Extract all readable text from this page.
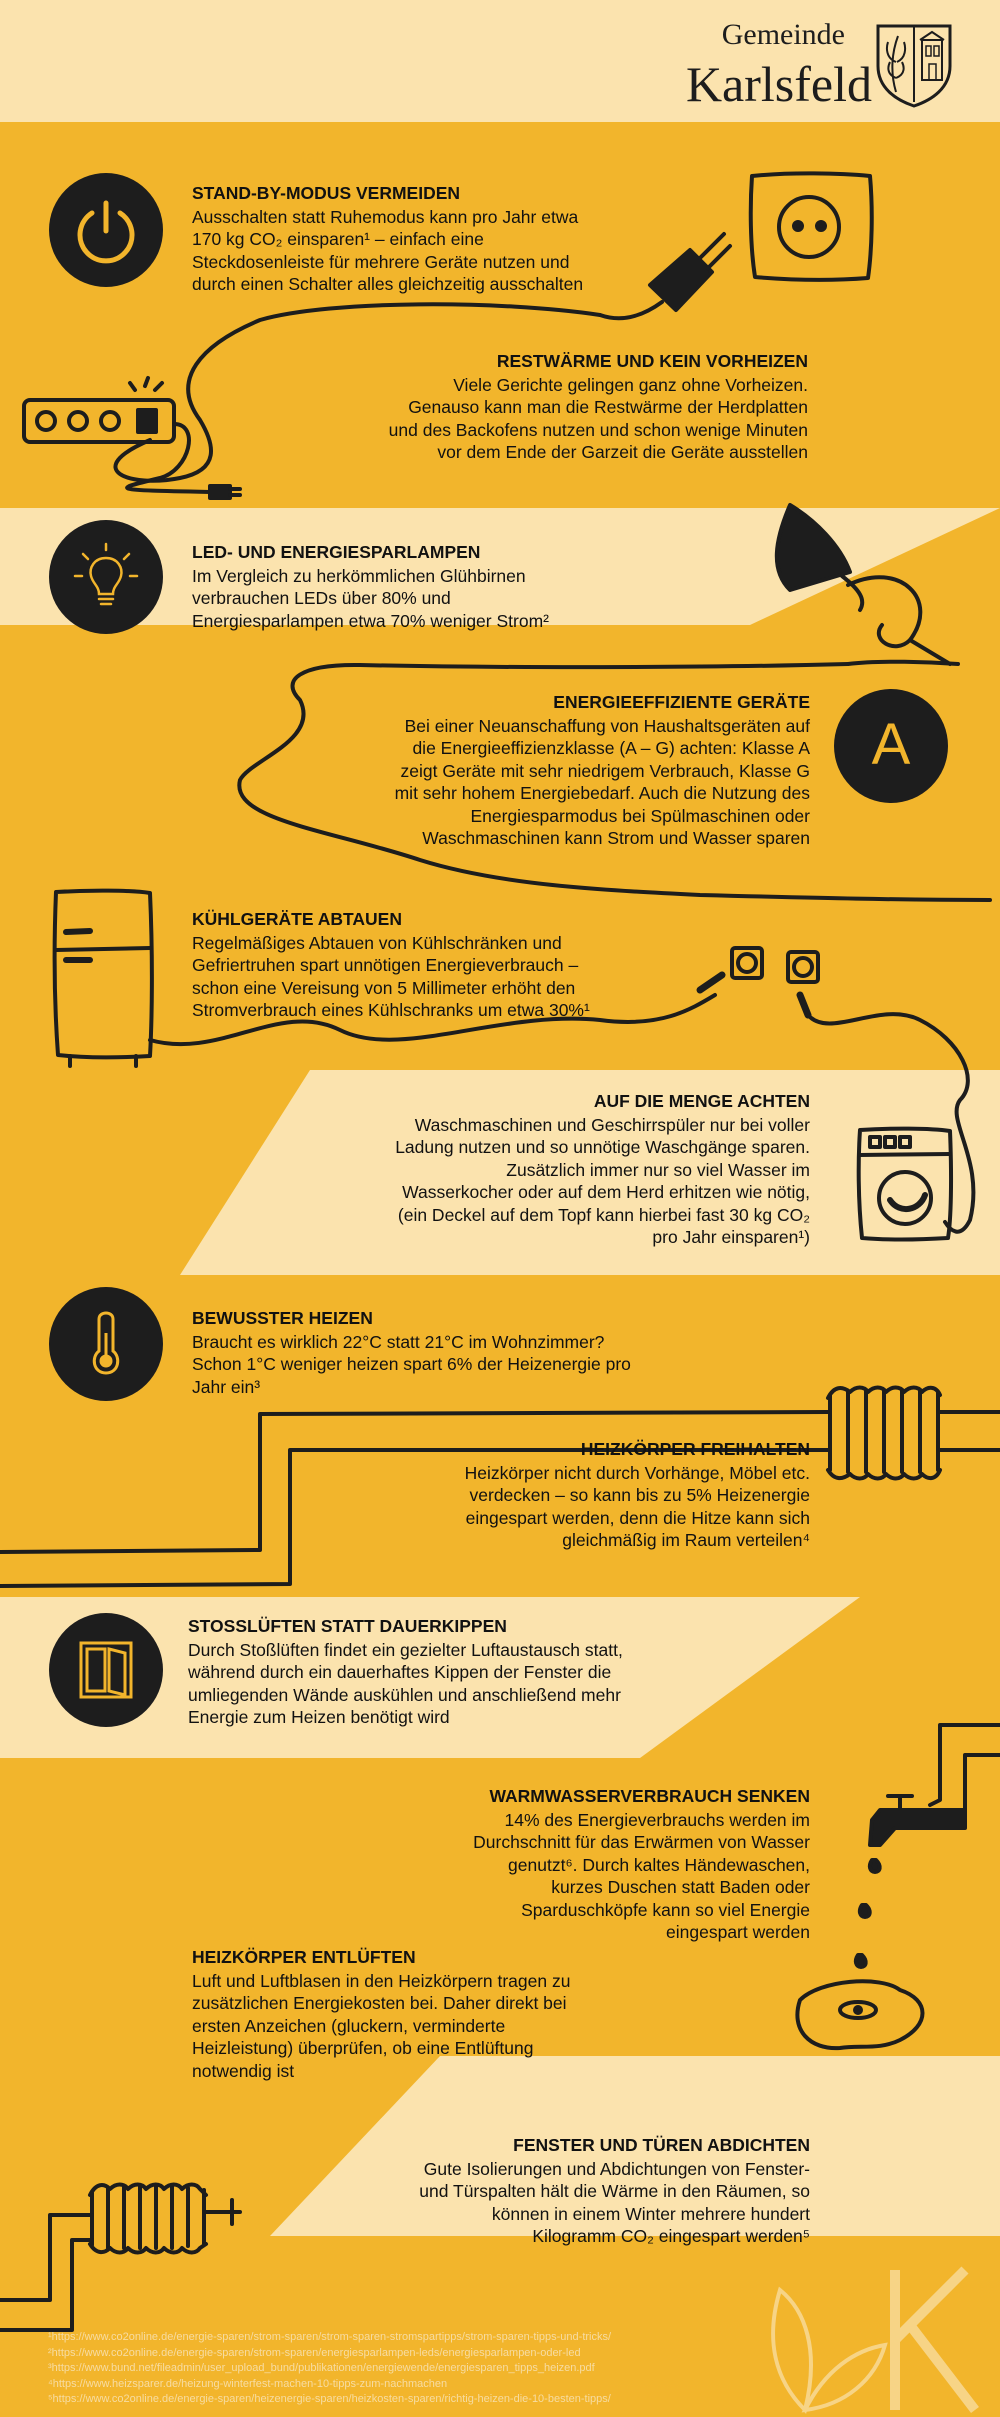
Gemeinde
Karlsfeld
A
STAND-BY-MODUS VERMEIDEN

Ausschalten statt Ruhemodus kann pro Jahr etwa 170 kg CO₂ einsparen¹ – einfach eine Steckdosenleiste für mehrere Geräte nutzen und durch einen Schalter alles gleichzeitig ausschalten

RESTWÄRME UND KEIN VORHEIZEN

Viele Gerichte gelingen ganz ohne Vorheizen. Genauso kann man die Restwärme der Herdplatten und des Backofens nutzen und schon wenige Minuten vor dem Ende der Garzeit die Geräte ausstellen

LED- UND ENERGIESPARLAMPEN

Im Vergleich zu herkömmlichen Glühbirnen verbrauchen LEDs über 80% und Energiesparlampen etwa 70% weniger Strom²

ENERGIEEFFIZIENTE GERÄTE

Bei einer Neuanschaffung von Haushaltsgeräten auf die Energieeffizienzklasse (A – G) achten: Klasse A zeigt Geräte mit sehr niedrigem Verbrauch, Klasse G mit sehr hohem Energiebedarf. Auch die Nutzung des Energiesparmodus bei Spülmaschinen oder Waschmaschinen kann Strom und Wasser sparen

KÜHLGERÄTE ABTAUEN

Regelmäßiges Abtauen von Kühlschränken und Gefriertruhen spart unnötigen Energieverbrauch – schon eine Vereisung von 5 Millimeter erhöht den Stromverbrauch eines Kühlschranks um etwa 30%¹

AUF DIE MENGE ACHTEN

Waschmaschinen und Geschirrspüler nur bei voller Ladung nutzen und so unnötige Waschgänge sparen. Zusätzlich immer nur so viel Wasser im Wasserkocher oder auf dem Herd erhitzen wie nötig, (ein Deckel auf dem Topf kann hierbei fast 30 kg CO₂ pro Jahr einsparen¹)

BEWUSSTER HEIZEN

Braucht es wirklich 22°C statt 21°C im Wohnzimmer? Schon 1°C weniger heizen spart 6% der Heizenergie pro Jahr ein³

HEIZKÖRPER FREIHALTEN

Heizkörper nicht durch Vorhänge, Möbel etc. verdecken – so kann bis zu 5% Heizenergie eingespart werden, denn die Hitze kann sich gleichmäßig im Raum verteilen⁴

STOSSLÜFTEN STATT DAUERKIPPEN

Durch Stoßlüften findet ein gezielter Luftaustausch statt, während durch ein dauerhaftes Kippen der Fenster die umliegenden Wände auskühlen und anschließend mehr Energie zum Heizen benötigt wird

WARMWASSERVERBRAUCH SENKEN

14% des Energieverbrauchs werden im Durchschnitt für das Erwärmen von Wasser genutzt⁶. Durch kaltes Händewaschen, kurzes Duschen statt Baden oder Sparduschköpfe kann so viel Energie eingespart werden

HEIZKÖRPER ENTLÜFTEN

Luft und Luftblasen in den Heizkörpern tragen zu zusätzlichen Energiekosten bei. Daher direkt bei ersten Anzeichen (gluckern, verminderte Heizleistung) überprüfen, ob eine Entlüftung notwendig ist

FENSTER UND TÜREN ABDICHTEN

Gute Isolierungen und Abdichtungen von Fenster- und Türspalten hält die Wärme in den Räumen, so können in einem Winter mehrere hundert Kilogramm CO₂ eingespart werden⁵

¹https://www.co2online.de/energie-sparen/strom-sparen/strom-sparen-stromspartipps/strom-sparen-tipps-und-tricks/
²https://www.co2online.de/energie-sparen/strom-sparen/energiesparlampen-leds/energiesparlampen-oder-led
³https://www.bund.net/fileadmin/user_upload_bund/publikationen/energiewende/energiesparen_tipps_heizen.pdf
⁴https://www.heizsparer.de/heizung-winterfest-machen-10-tipps-zum-nachmachen
⁵https://www.co2online.de/energie-sparen/heizenergie-sparen/heizkosten-sparen/richtig-heizen-die-10-besten-tipps/
